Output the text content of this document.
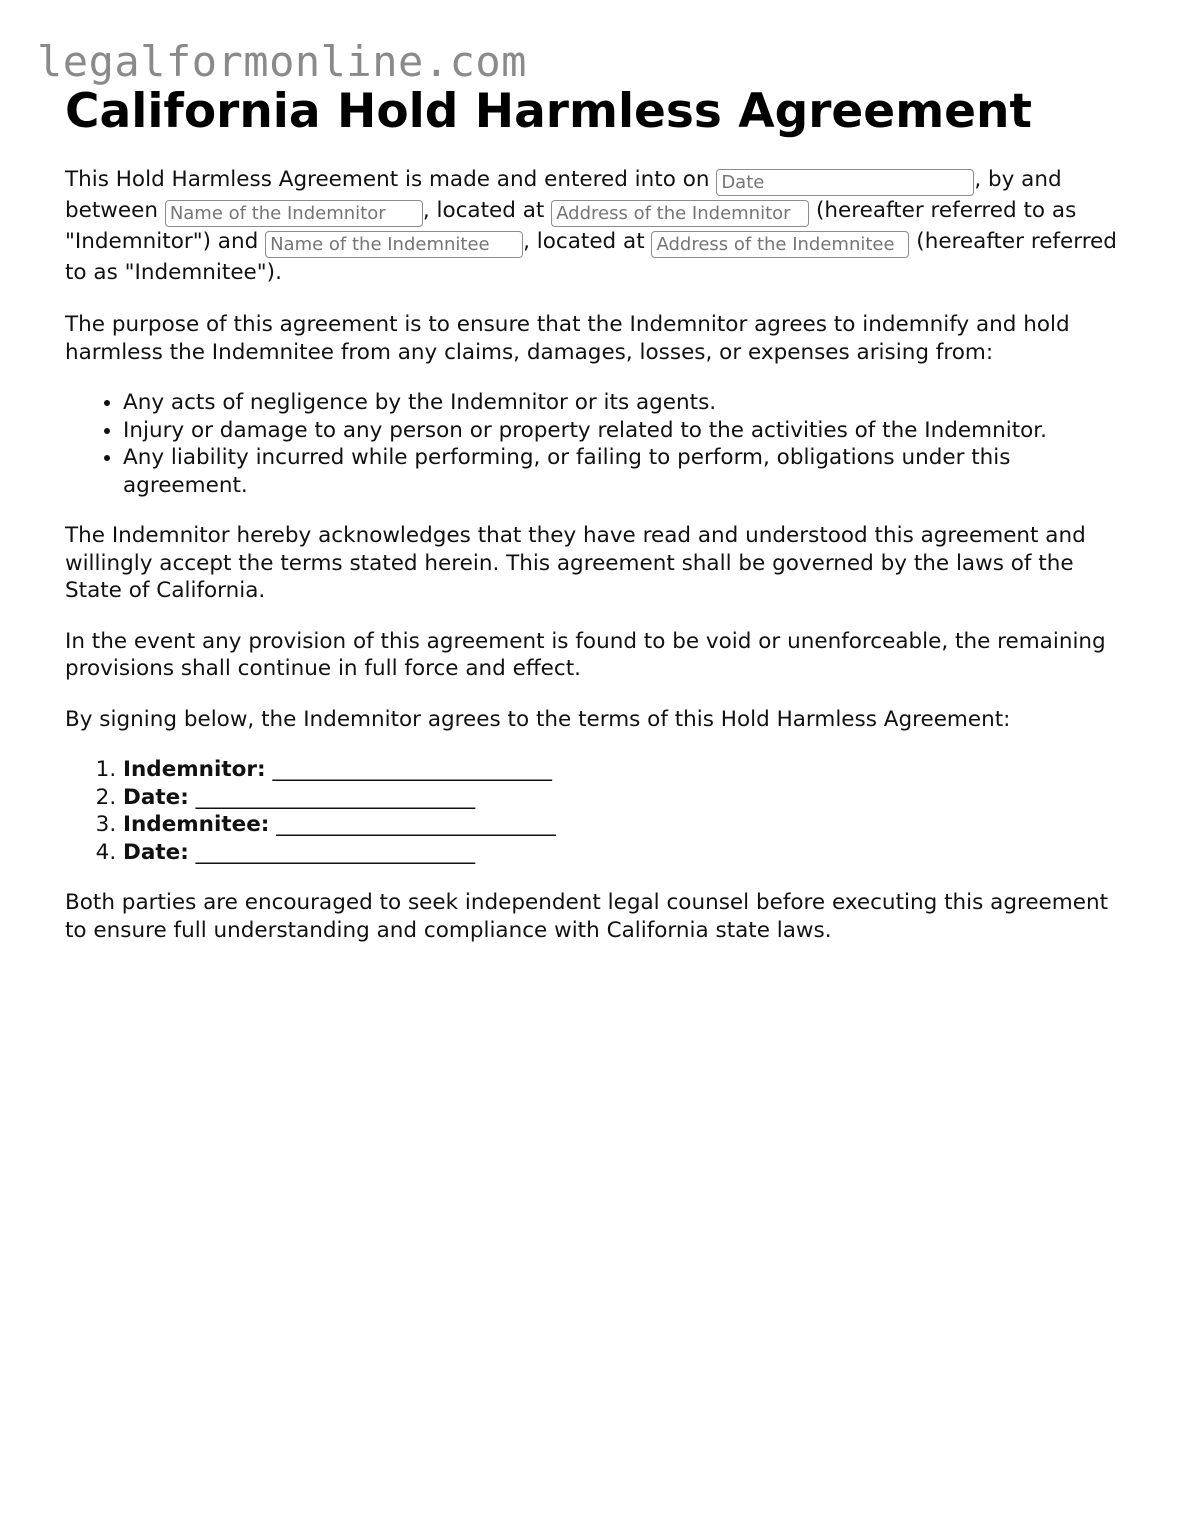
legalformonline.com
California Hold Harmless Agreement

This Hold Harmless Agreement is made and entered into on Date	, by and between Name of the Indemnitor	, located at Address of the Indemnitor	(hereafter referred to as "Indemnitor") and Name of the Indemnitee	, located at Address of the Indemnitee	(hereafter referred to as "Indemnitee").

The purpose of this agreement is to ensure that the Indemnitor agrees to indemnify and hold harmless the Indemnitee from any claims, damages, losses, or expenses arising from:

• Any acts of negligence by the Indemnitor or its agents.
• Injury or damage to any person or property related to the activities of the Indemnitor.
• Any liability incurred while performing, or failing to perform, obligations under this agreement.

The Indemnitor hereby acknowledges that they have read and understood this agreement and willingly accept the terms stated herein. This agreement shall be governed by the laws of the State of California.

In the event any provision of this agreement is found to be void or unenforceable, the remaining provisions shall continue in full force and effect.

By signing below, the Indemnitor agrees to the terms of this Hold Harmless Agreement:

1. Indemnitor: __________________________
2. Date: __________________________
3. Indemnitee: __________________________
4. Date: __________________________

Both parties are encouraged to seek independent legal counsel before executing this agreement to ensure full understanding and compliance with California state laws.
